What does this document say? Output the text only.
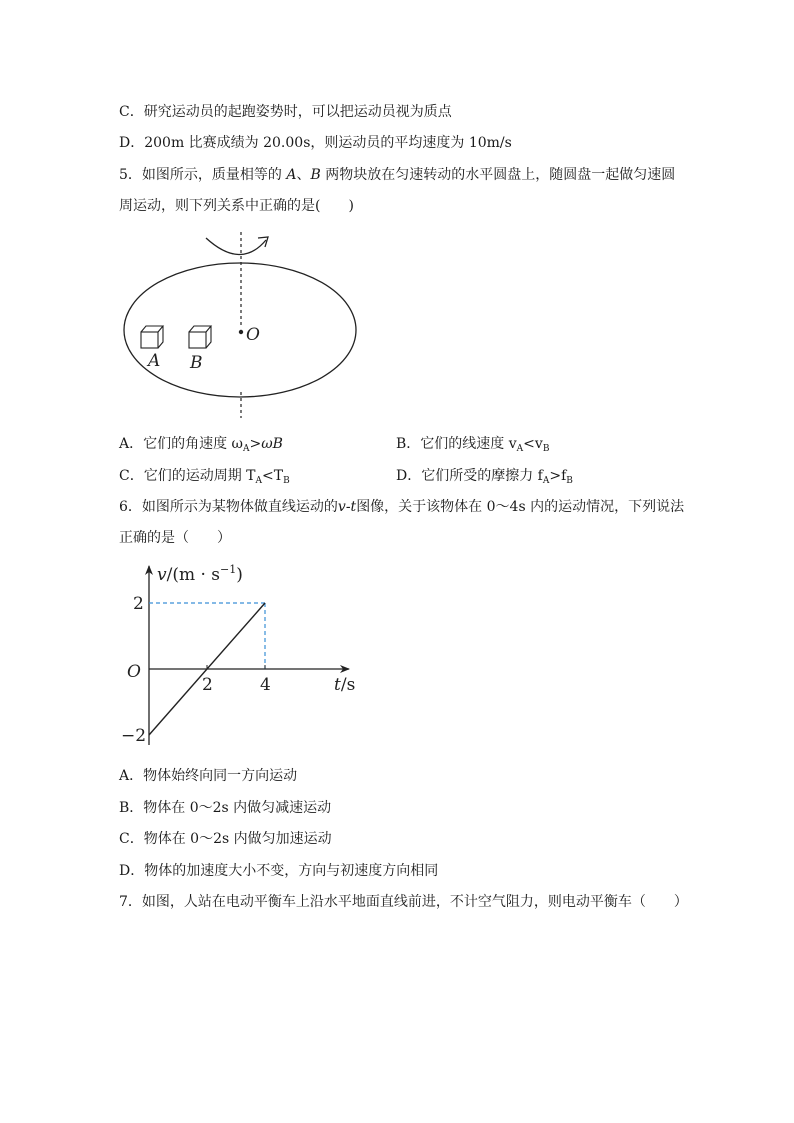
C．研究运动员的起跑姿势时，可以把运动员视为质点
D．200m 比赛成绩为 20.00s，则运动员的平均速度为 10m/s
5．如图所示，质量相等的 A、B 两物块放在匀速转动的水平圆盘上，随圆盘一起做匀速圆
周运动，则下列关系中正确的是(　　)
A B
O
A．它们的角速度 $\omega_A>\omega B$	B．它们的线速度 $v_A<v_B$
C．它们的运动周期 $T_A<T_B$	D．它们所受的摩擦力 $f_A>f_B$
6．如图所示为某物体做直线运动的v-t图像，关于该物体在 0～4s 内的运动情况，下列说法
正确的是（　　）
2	4
2
−2
O
$v/(m \cdot s^{-1})$
t/s
A．物体始终向同一方向运动
B．物体在 0～2s 内做匀减速运动
C．物体在 0～2s 内做匀加速运动
D．物体的加速度大小不变，方向与初速度方向相同
7．如图，人站在电动平衡车上沿水平地面直线前进，不计空气阻力，则电动平衡车（　　）
